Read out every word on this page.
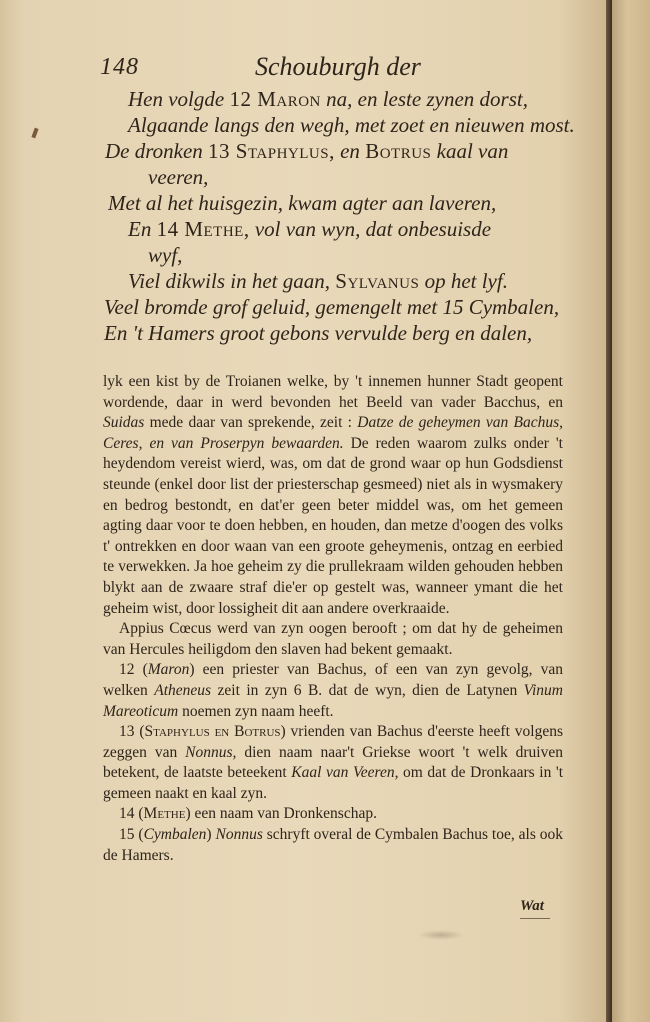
148	Schouburgh der
Hen volgde 12 Maron na, en leste zynen dorst,
Algaande langs den wegh, met zoet en nieuwen most.
De dronken 13 Staphylus, en Botrus kaal van
veeren,
Met al het huisgezin, kwam agter aan laveren,
En 14 Methe, vol van wyn, dat onbesuisde
wyf,
Viel dikwils in het gaan, Sylvanus op het lyf.
Veel bromde grof geluid, gemengelt met 15 Cymbalen,
En 't Hamers groot gebons vervulde berg en dalen,

lyk een kist by de Troianen welke, by 't innemen hunner Stadt geopent wordende, daar in werd bevonden het Beeld van vader Bacchus, en Suidas mede daar van sprekende, zeit : Datze de geheymen van Bachus, Ceres, en van Proserpyn bewaarden. De reden waarom zulks onder 't heydendom vereist wierd, was, om dat de grond waar op hun Godsdienst steunde (enkel door list der priesterschap gesmeed) niet als in wysmakery en bedrog bestondt, en dat'er geen beter middel was, om het gemeen agting daar voor te doen hebben, en houden, dan metze d'oogen des volks t' ontrekken en door waan van een groote geheymenis, ontzag en eerbied te verwekken. Ja hoe geheim zy die prullekraam wilden gehouden hebben blykt aan de zwaare straf die'er op gestelt was, wanneer ymant die het geheim wist, door lossigheit dit aan andere overkraaide.

Appius Cœcus werd van zyn oogen berooft ; om dat hy de geheimen van Hercules heiligdom den slaven had bekent gemaakt.

12 (Maron) een priester van Bachus, of een van zyn gevolg, van welken Atheneus zeit in zyn 6 B. dat de wyn, dien de Latynen Vinum Mareoticum noemen zyn naam heeft.

13 (Staphylus en Botrus) vrienden van Bachus d'eerste heeft volgens zeggen van Nonnus, dien naam naar't Griekse woort 't welk druiven betekent, de laatste beteekent Kaal van Veeren, om dat de Dronkaars in 't gemeen naakt en kaal zyn.

14 (Methe) een naam van Dronkenschap.

15 (Cymbalen) Nonnus schryft overal de Cymbalen Bachus toe, als ook de Hamers.

Wat
